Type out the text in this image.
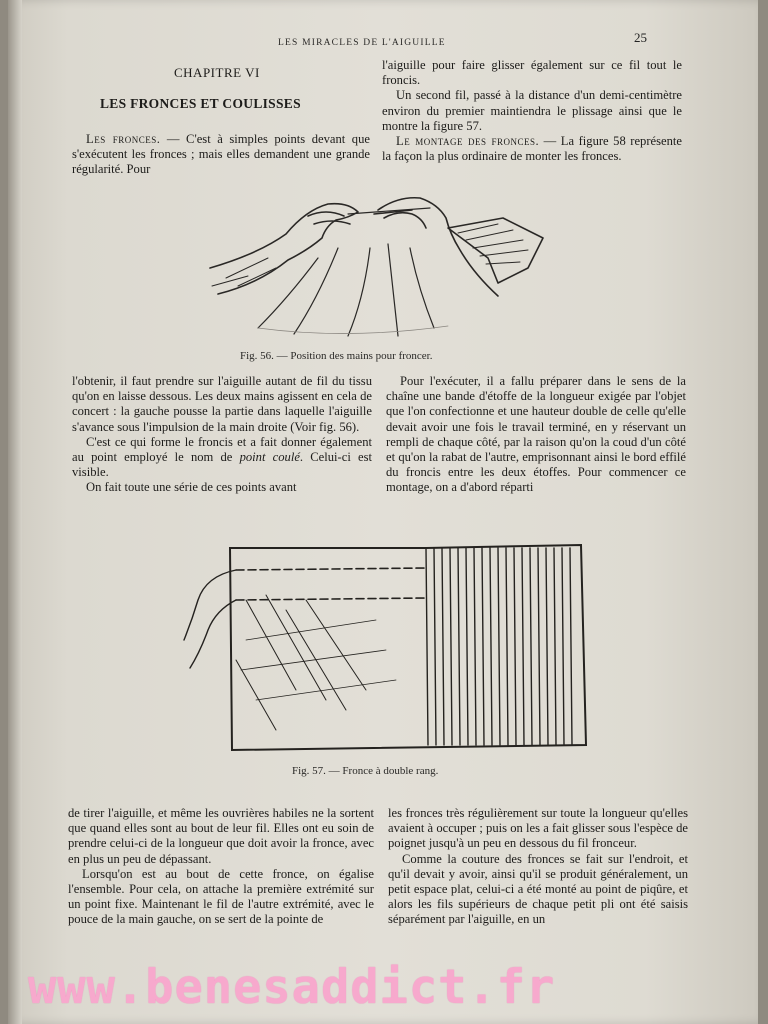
LES MIRACLES DE L'AIGUILLE	25
CHAPITRE VI
LES FRONCES ET COULISSES

Les fronces. — C'est à simples points devant que s'exécutent les fronces ; mais elles demandent une grande régularité. Pour

l'aiguille pour faire glisser également sur ce fil tout le froncis.

Un second fil, passé à la distance d'un demi-centimètre environ du premier maintiendra le plissage ainsi que le montre la figure 57.

Le montage des fronces. — La figure 58 représente la façon la plus ordinaire de monter les fronces.

Fig. 56. — Position des mains pour froncer.

l'obtenir, il faut prendre sur l'aiguille autant de fil du tissu qu'on en laisse dessous. Les deux mains agissent en cela de concert : la gauche pousse la partie dans laquelle l'aiguille s'avance sous l'impulsion de la main droite (Voir fig. 56).

C'est ce qui forme le froncis et a fait donner également au point employé le nom de point coulé. Celui-ci est visible.

On fait toute une série de ces points avant

Pour l'exécuter, il a fallu préparer dans le sens de la chaîne une bande d'étoffe de la longueur exigée par l'objet que l'on confectionne et une hauteur double de celle qu'elle devait avoir une fois le travail terminé, en y réservant un rempli de chaque côté, par la raison qu'on la coud d'un côté et qu'on la rabat de l'autre, emprisonnant ainsi le bord effilé du froncis entre les deux étoffes. Pour commencer ce montage, on a d'abord réparti

Fig. 57. — Fronce à double rang.

de tirer l'aiguille, et même les ouvrières habiles ne la sortent que quand elles sont au bout de leur fil. Elles ont eu soin de prendre celui-ci de la longueur que doit avoir la fronce, avec en plus un peu de dépassant.

Lorsqu'on est au bout de cette fronce, on égalise l'ensemble. Pour cela, on attache la première extrémité sur un point fixe. Maintenant le fil de l'autre extrémité, avec le pouce de la main gauche, on se sert de la pointe de

les fronces très régulièrement sur toute la longueur qu'elles avaient à occuper ; puis on les a fait glisser sous l'espèce de poignet jusqu'à un peu en dessous du fil fronceur.

Comme la couture des fronces se fait sur l'endroit, et qu'il devait y avoir, ainsi qu'il se produit généralement, un petit espace plat, celui-ci a été monté au point de piqûre, et alors les fils supérieurs de chaque petit pli ont été saisis séparément par l'aiguille, en un

www.benesaddict.fr
